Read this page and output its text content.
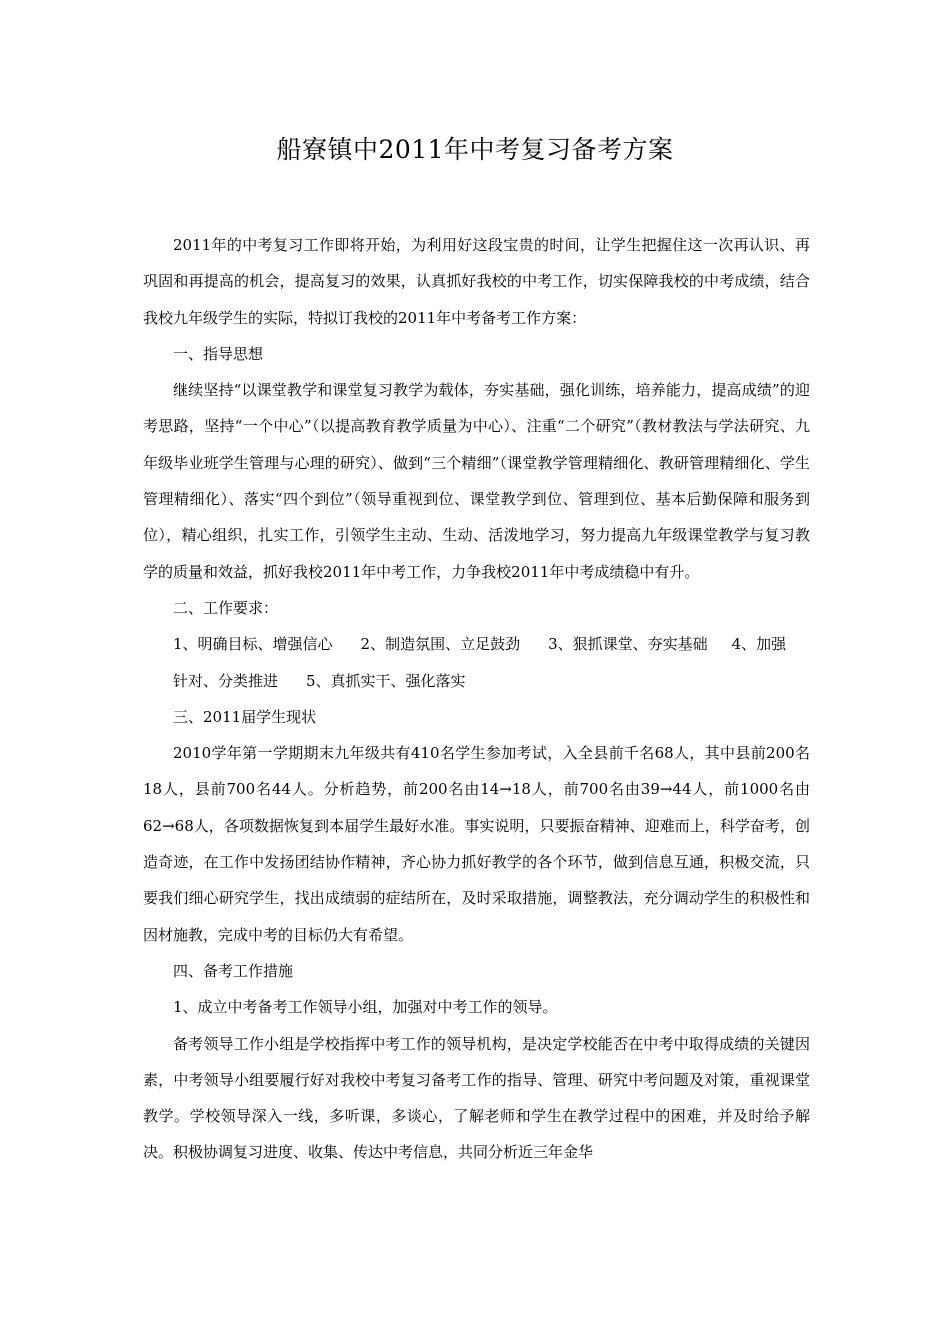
船寮镇中2011年中考复习备考方案

2011年的中考复习工作即将开始，为利用好这段宝贵的时间，让学生把握住这一次再认识、再巩固和再提高的机会，提高复习的效果，认真抓好我校的中考工作，切实保障我校的中考成绩，结合我校九年级学生的实际，特拟订我校的2011年中考备考工作方案：

一、指导思想

继续坚持“以课堂教学和课堂复习教学为载体，夯实基础，强化训练，培养能力，提高成绩”的迎考思路，坚持“一个中心”（以提高教育教学质量为中心）、注重“二个研究”（教材教法与学法研究、九年级毕业班学生管理与心理的研究）、做到“三个精细”（课堂教学管理精细化、教研管理精细化、学生管理精细化）、落实“四个到位”（领导重视到位、课堂教学到位、管理到位、基本后勤保障和服务到位），精心组织，扎实工作，引领学生主动、生动、活泼地学习，努力提高九年级课堂教学与复习教学的质量和效益，抓好我校2011年中考工作，力争我校2011年中考成绩稳中有升。

二、工作要求：

1、明确目标、增强信心 2、制造氛围、立足鼓劲 3、狠抓课堂、夯实基础 4、加强

针对、分类推进 5、真抓实干、强化落实

三、2011届学生现状

2010学年第一学期期末九年级共有410名学生参加考试，入全县前千名68人，其中县前200名18人，县前700名44人。分析趋势，前200名由14→18人，前700名由39→44人，前1000名由62→68人，各项数据恢复到本届学生最好水准。事实说明，只要振奋精神、迎难而上，科学奋考，创造奇迹，在工作中发扬团结协作精神，齐心协力抓好教学的各个环节，做到信息互通，积极交流，只要我们细心研究学生，找出成绩弱的症结所在，及时采取措施，调整教法，充分调动学生的积极性和因材施教，完成中考的目标仍大有希望。

四、备考工作措施

1、成立中考备考工作领导小组，加强对中考工作的领导。

备考领导工作小组是学校指挥中考工作的领导机构，是决定学校能否在中考中取得成绩的关键因素，中考领导小组要履行好对我校中考复习备考工作的指导、管理、研究中考问题及对策，重视课堂教学。学校领导深入一线，多听课，多谈心，了解老师和学生在教学过程中的困难，并及时给予解决。积极协调复习进度、收集、传达中考信息，共同分析近三年金华
